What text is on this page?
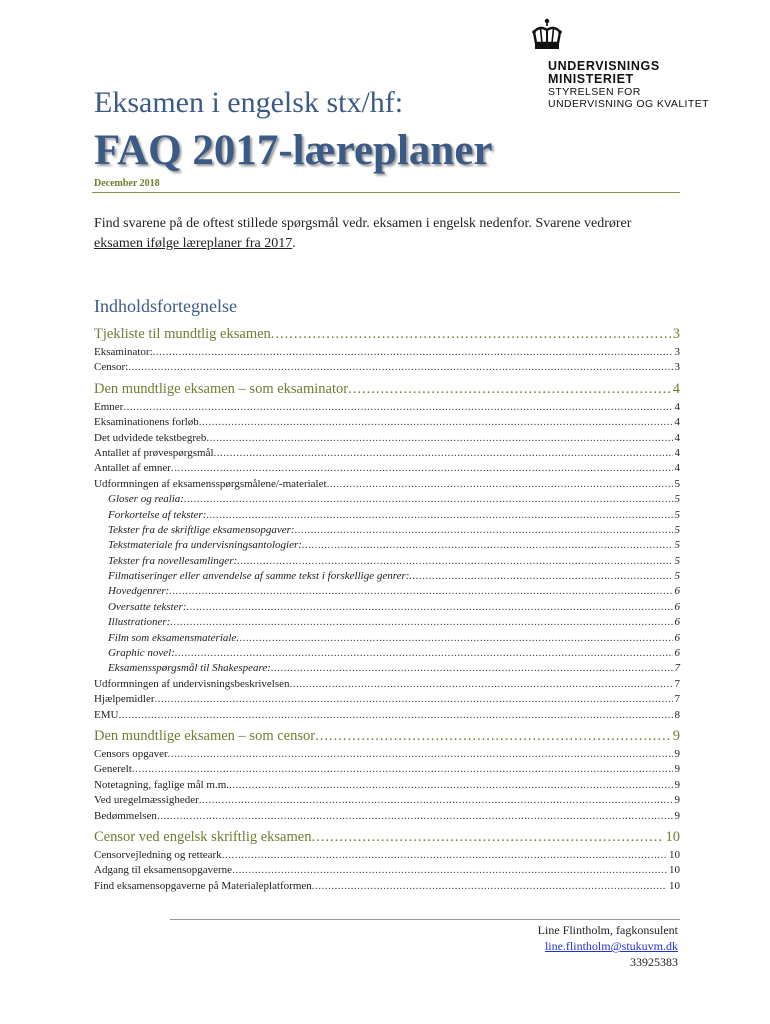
UNDERVISNINGS
MINISTERIET
STYRELSEN FOR
UNDERVISNING OG KVALITET
Eksamen i engelsk stx/hf:
FAQ 2017-læreplaner
December 2018

Find svarene på de oftest stillede spørgsmål vedr. eksamen i engelsk nedenfor. Svarene vedrører
eksamen ifølge læreplaner fra 2017.

Indholdsfortegnelse
Tjekliste til mundtlig eksamen .....	3
Eksaminator: .....	3
Censor: .....	3
Den mundtlige eksamen – som eksaminator .....	4
Emner .....	4
Eksaminationens forløb .....	4
Det udvidede tekstbegreb .....	4
Antallet af prøvespørgsmål .....	4
Antallet af emner .....	4
Udformningen af eksamensspørgsmålene/-materialet .....	5
Gloser og realia: .....	5
Forkortelse af tekster: .....	5
Tekster fra de skriftlige eksamensopgaver: .....	5
Tekstmateriale fra undervisningsantologier: .....	5
Tekster fra novellesamlinger: .....	5
Filmatiseringer eller anvendelse af samme tekst i forskellige genrer: .....	5
Hovedgenrer: .....	6
Oversatte tekster: .....	6
Illustrationer: .....	6
Film som eksamensmateriale .....	6
Graphic novel: .....	6
Eksamensspørgsmål til Shakespeare: .....	7
Udformningen af undervisningsbeskrivelsen .....	7
Hjælpemidler .....	7
EMU .....	8
Den mundtlige eksamen – som censor .....	9
Censors opgaver .....	9
Generelt .....	9
Notetagning, faglige mål m.m. .....	9
Ved uregelmæssigheder .....	9
Bedømmelsen .....	9
Censor ved engelsk skriftlig eksamen .....	10
Censorvejledning og retteark .....	10
Adgang til eksamensopgaverne .....	10
Find eksamensopgaverne på Materialeplatformen .....	10
Line Flintholm, fagkonsulent
line.flintholm@stukuvm.dk
33925383
